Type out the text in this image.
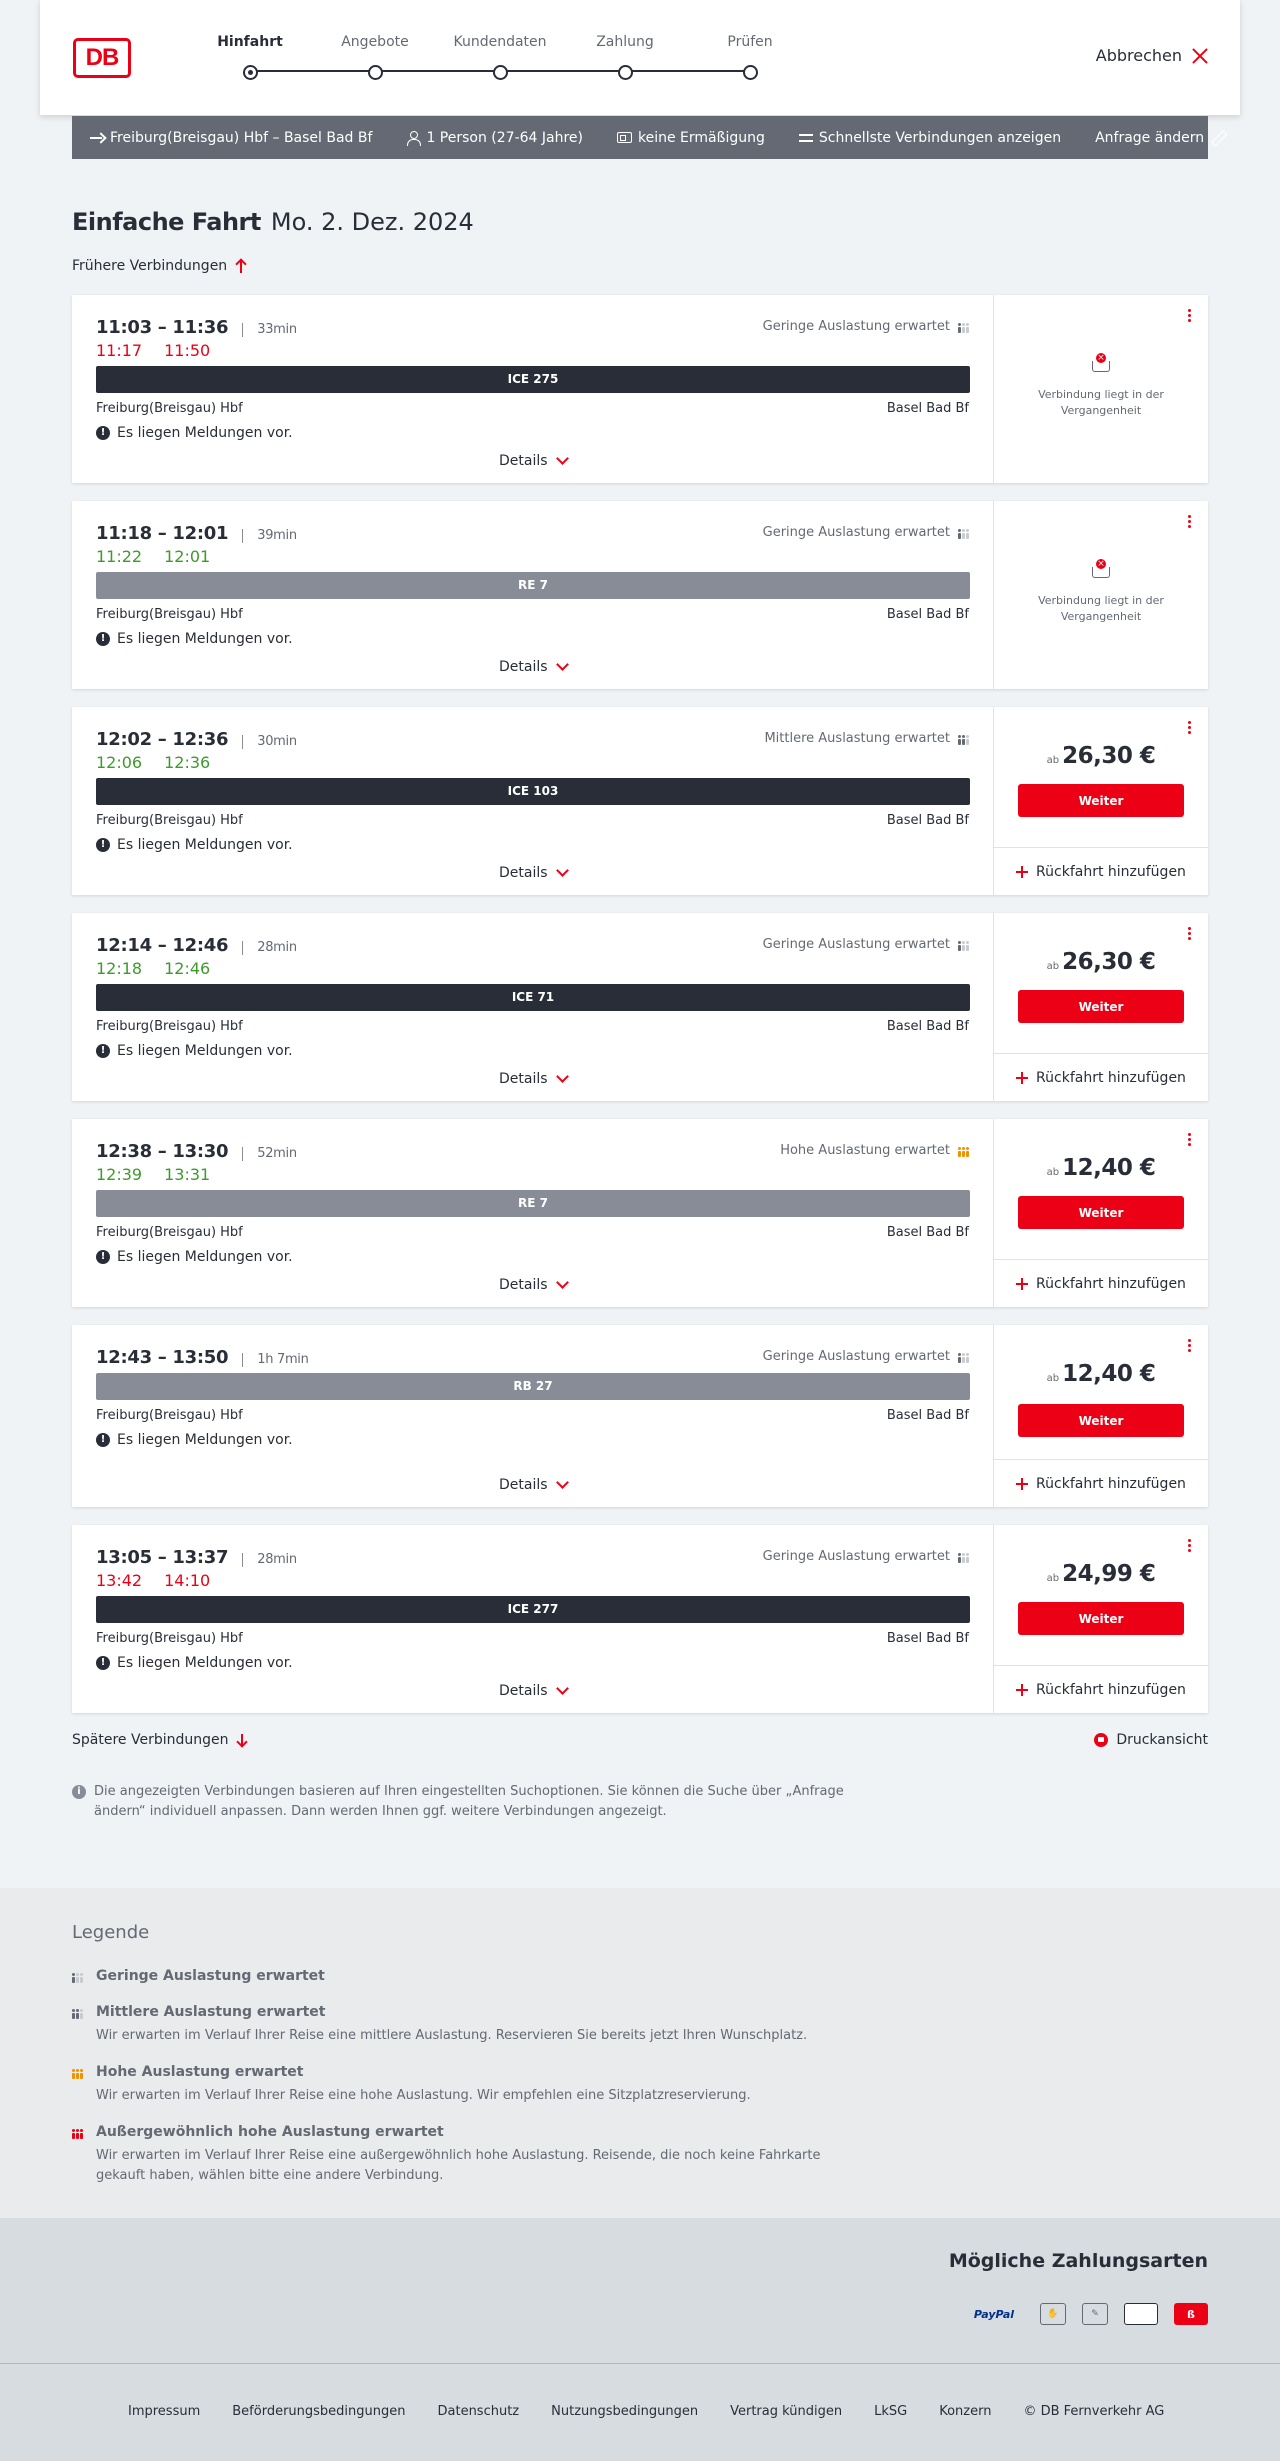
DB
Hinfahrt	Angebote	Kundendaten	Zahlung	Prüfen
Abbrechen
Freiburg(Breisgau) Hbf – Basel Bad Bf	1 Person (27-64 Jahre)	keine Ermäßigung	Schnellste Verbindungen anzeigen Anfrage ändern
Einfache Fahrt Mo. 2. Dez. 2024
Frühere Verbindungen
11:03 – 11:36	33min
11:17 11:50
Geringe Auslastung erwartet
ICE 275
Freiburg(Breisgau) Hbf	Basel Bad Bf
! Es liegen Meldungen vor.
Details
×
Verbindung liegt in der Vergangenheit
11:18 – 12:01	39min
11:22 12:01
Geringe Auslastung erwartet
RE 7
Freiburg(Breisgau) Hbf	Basel Bad Bf
! Es liegen Meldungen vor.
Details
×
Verbindung liegt in der Vergangenheit
12:02 – 12:36	30min
12:06 12:36
Mittlere Auslastung erwartet
ICE 103
Freiburg(Breisgau) Hbf	Basel Bad Bf
! Es liegen Meldungen vor.
Details
ab 26,30 €
Weiter
Rückfahrt hinzufügen
12:14 – 12:46	28min
12:18 12:46
Geringe Auslastung erwartet
ICE 71
Freiburg(Breisgau) Hbf	Basel Bad Bf
! Es liegen Meldungen vor.
Details
ab 26,30 €
Weiter
Rückfahrt hinzufügen
12:38 – 13:30	52min
12:39 13:31
Hohe Auslastung erwartet
RE 7
Freiburg(Breisgau) Hbf	Basel Bad Bf
! Es liegen Meldungen vor.
Details
ab 12,40 €
Weiter
Rückfahrt hinzufügen
12:43 – 13:50	1h 7min	Geringe Auslastung erwartet
RB 27
Freiburg(Breisgau) Hbf	Basel Bad Bf
! Es liegen Meldungen vor.
Details
ab 12,40 €
Weiter
Rückfahrt hinzufügen
13:05 – 13:37	28min
13:42 14:10
Geringe Auslastung erwartet
ICE 277
Freiburg(Breisgau) Hbf	Basel Bad Bf
! Es liegen Meldungen vor.
Details
ab 24,99 €
Weiter
Rückfahrt hinzufügen
Spätere Verbindungen	Druckansicht
i	Die angezeigten Verbindungen basieren auf Ihren eingestellten Suchoptionen. Sie können die Suche über „Anfrage ändern“ individuell anpassen. Dann werden Ihnen ggf. weitere Verbindungen angezeigt.
Legende
Geringe Auslastung erwartet
Mittlere Auslastung erwartet
Wir erwarten im Verlauf Ihrer Reise eine mittlere Auslastung. Reservieren Sie bereits jetzt Ihren Wunschplatz.
Hohe Auslastung erwartet
Wir erwarten im Verlauf Ihrer Reise eine hohe Auslastung. Wir empfehlen eine Sitzplatzreservierung.
Außergewöhnlich hohe Auslastung erwartet
Wir erwarten im Verlauf Ihrer Reise eine außergewöhnlich hohe Auslastung. Reisende, die noch keine Fahrkarte gekauft haben, wählen bitte eine andere Verbindung.
Mögliche Zahlungsarten
PayPal	✋	✎	ß
Impressum Beförderungsbedingungen Datenschutz Nutzungsbedingungen Vertrag kündigen LkSG Konzern © DB Fernverkehr AG
